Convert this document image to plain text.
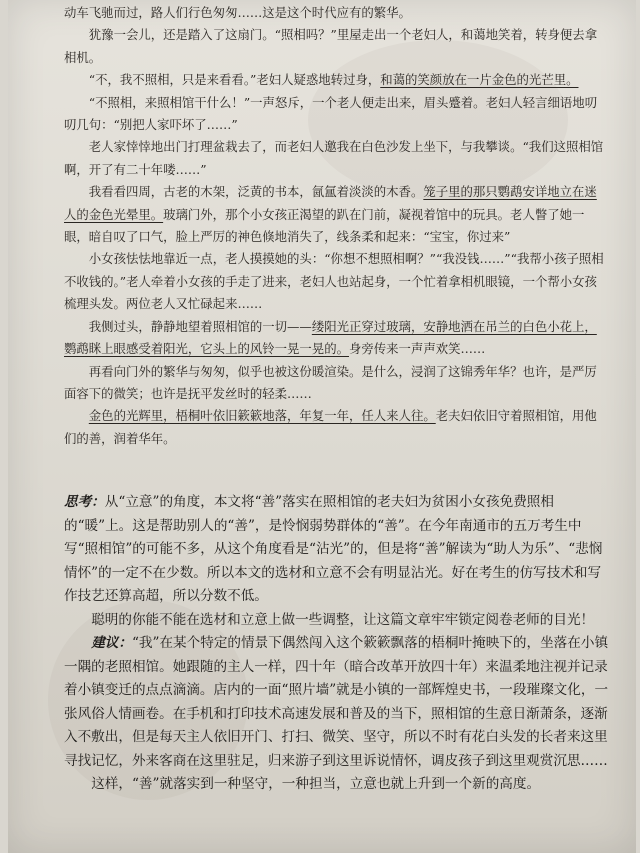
动车飞驰而过，路人们行色匆匆……这是这个时代应有的繁华。

犹豫一会儿，还是踏入了这扇门。“照相吗？”里屋走出一个老妇人，和蔼地笑着，转身便去拿相机。

“不，我不照相，只是来看看。”老妇人疑惑地转过身，和蔼的笑颜放在一片金色的光芒里。

“不照相，来照相馆干什么！”一声怒斥，一个老人便走出来，眉头蹙着。老妇人轻言细语地叨叨几句：“别把人家吓坏了……”

老人家悻悻地出门打理盆栽去了，而老妇人邀我在白色沙发上坐下，与我攀谈。“我们这照相馆啊，开了有二十年喽……”

我看看四周，古老的木架，泛黄的书本，氤氲着淡淡的木香。笼子里的那只鹦鹉安详地立在迷人的金色光晕里。玻璃门外，那个小女孩正渴望的趴在门前，凝视着馆中的玩具。老人瞥了她一眼，暗自叹了口气，脸上严厉的神色倏地消失了，线条柔和起来：“宝宝，你过来”

小女孩怯怯地靠近一点，老人摸摸她的头：“你想不想照相啊？”“我没钱……”“我帮小孩子照相不收钱的。”老人牵着小女孩的手走了进来，老妇人也站起身，一个忙着拿相机眼镜，一个帮小女孩梳理头发。两位老人又忙碌起来……

我侧过头，静静地望着照相馆的一切——缕阳光正穿过玻璃，安静地洒在吊兰的白色小花上，鹦鹉眯上眼感受着阳光，它头上的风铃一晃一晃的。身旁传来一声声欢笑……

再看向门外的繁华与匆匆，似乎也被这份暖渲染。是什么，浸润了这锦秀年华？也许，是严厉面容下的微笑；也许是抚平发丝时的轻柔……

金色的光辉里，梧桐叶依旧簌簌地落，年复一年，任人来人往。老夫妇依旧守着照相馆，用他们的善，润着华年。

思考：从“立意”的角度，本文将“善”落实在照相馆的老夫妇为贫困小女孩免费照相的“暖”上。这是帮助别人的“善”，是怜悯弱势群体的“善”。在今年南通市的五万考生中写“照相馆”的可能不多，从这个角度看是“沾光”的，但是将“善”解读为“助人为乐”、“悲悯情怀”的一定不在少数。所以本文的选材和立意不会有明显沾光。好在考生的仿写技术和写作技艺还算高超，所以分数不低。

聪明的你能不能在选材和立意上做一些调整，让这篇文章牢牢锁定阅卷老师的目光！

建议：“我”在某个特定的情景下偶然闯入这个簌簌飘落的梧桐叶掩映下的，坐落在小镇一隅的老照相馆。她跟随的主人一样，四十年（暗合改革开放四十年）来温柔地注视并记录着小镇变迁的点点滴滴。店内的一面“照片墙”就是小镇的一部辉煌史书，一段璀璨文化，一张风俗人情画卷。在手机和打印技术高速发展和普及的当下，照相馆的生意日渐萧条，逐渐入不敷出，但是每天主人依旧开门、打扫、微笑、坚守，所以不时有花白头发的长者来这里寻找记忆，外来客商在这里驻足，归来游子到这里诉说情怀，调皮孩子到这里观赏沉思……

这样，“善”就落实到一种坚守，一种担当，立意也就上升到一个新的高度。
